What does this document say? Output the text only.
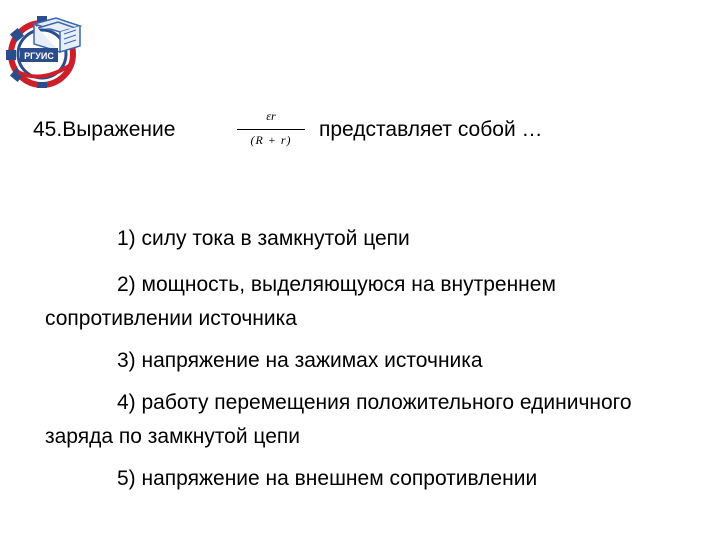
РГУИС
45.Выражение
εr
(R + r)	представляет собой …
1) силу тока в замкнутой цепи
2) мощность, выделяющуюся на внутреннем сопротивлении источника
3) напряжение на зажимах источника
4) работу перемещения положительного единичного заряда по замкнутой цепи
5) напряжение на внешнем сопротивлении
